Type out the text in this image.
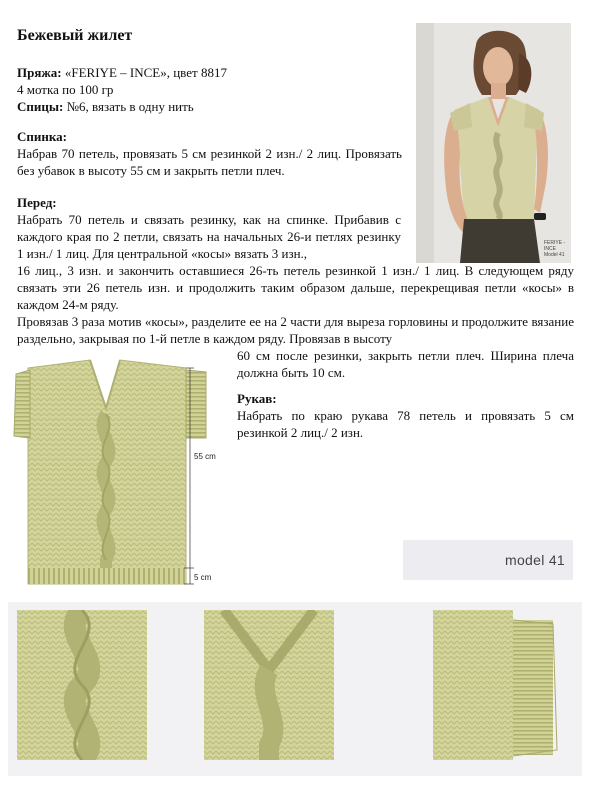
Бежевый жилет
Пряжа: «FERIYE – INCE», цвет 8817
4 мотка по 100 гр
Спицы: №6, вязать в одну нить
Спинка:
Набрав 70 петель, провязать 5 см резинкой 2 изн./ 2 лиц. Провязать без убавок в высоту 55 см и закрыть петли плеч.
Перед:
Набрать 70 петель и связать резинку, как на спинке. Прибавив с каждого края по 2 петли, связать на начальных 26-и петлях резинку 1 изн./ 1 лиц. Для центральной «косы» вязать 3 изн.,
16 лиц., 3 изн. и закончить оставшиеся 26-ть петель резинкой 1 изн./ 1 лиц. В следующем ряду связать эти 26 петель изн. и продолжить таким образом дальше, перекрещивая петли «косы» в каждом 24-м ряду.
Провязав 3 раза мотив «косы», разделите ее на 2 части для выреза горловины и продолжите вязание раздельно, закрывая по 1-й петле в каждом ряду. Провязав в высоту
60 см после резинки, закрыть петли плеч. Ширина плеча должна быть 10 см.
Рукав:
Набрать по краю рукава 78 петель и провязать 5 см резинкой 2 лиц./ 2 изн.
FERIYE - INCE Model 41
55 cm
5 cm
model 41
